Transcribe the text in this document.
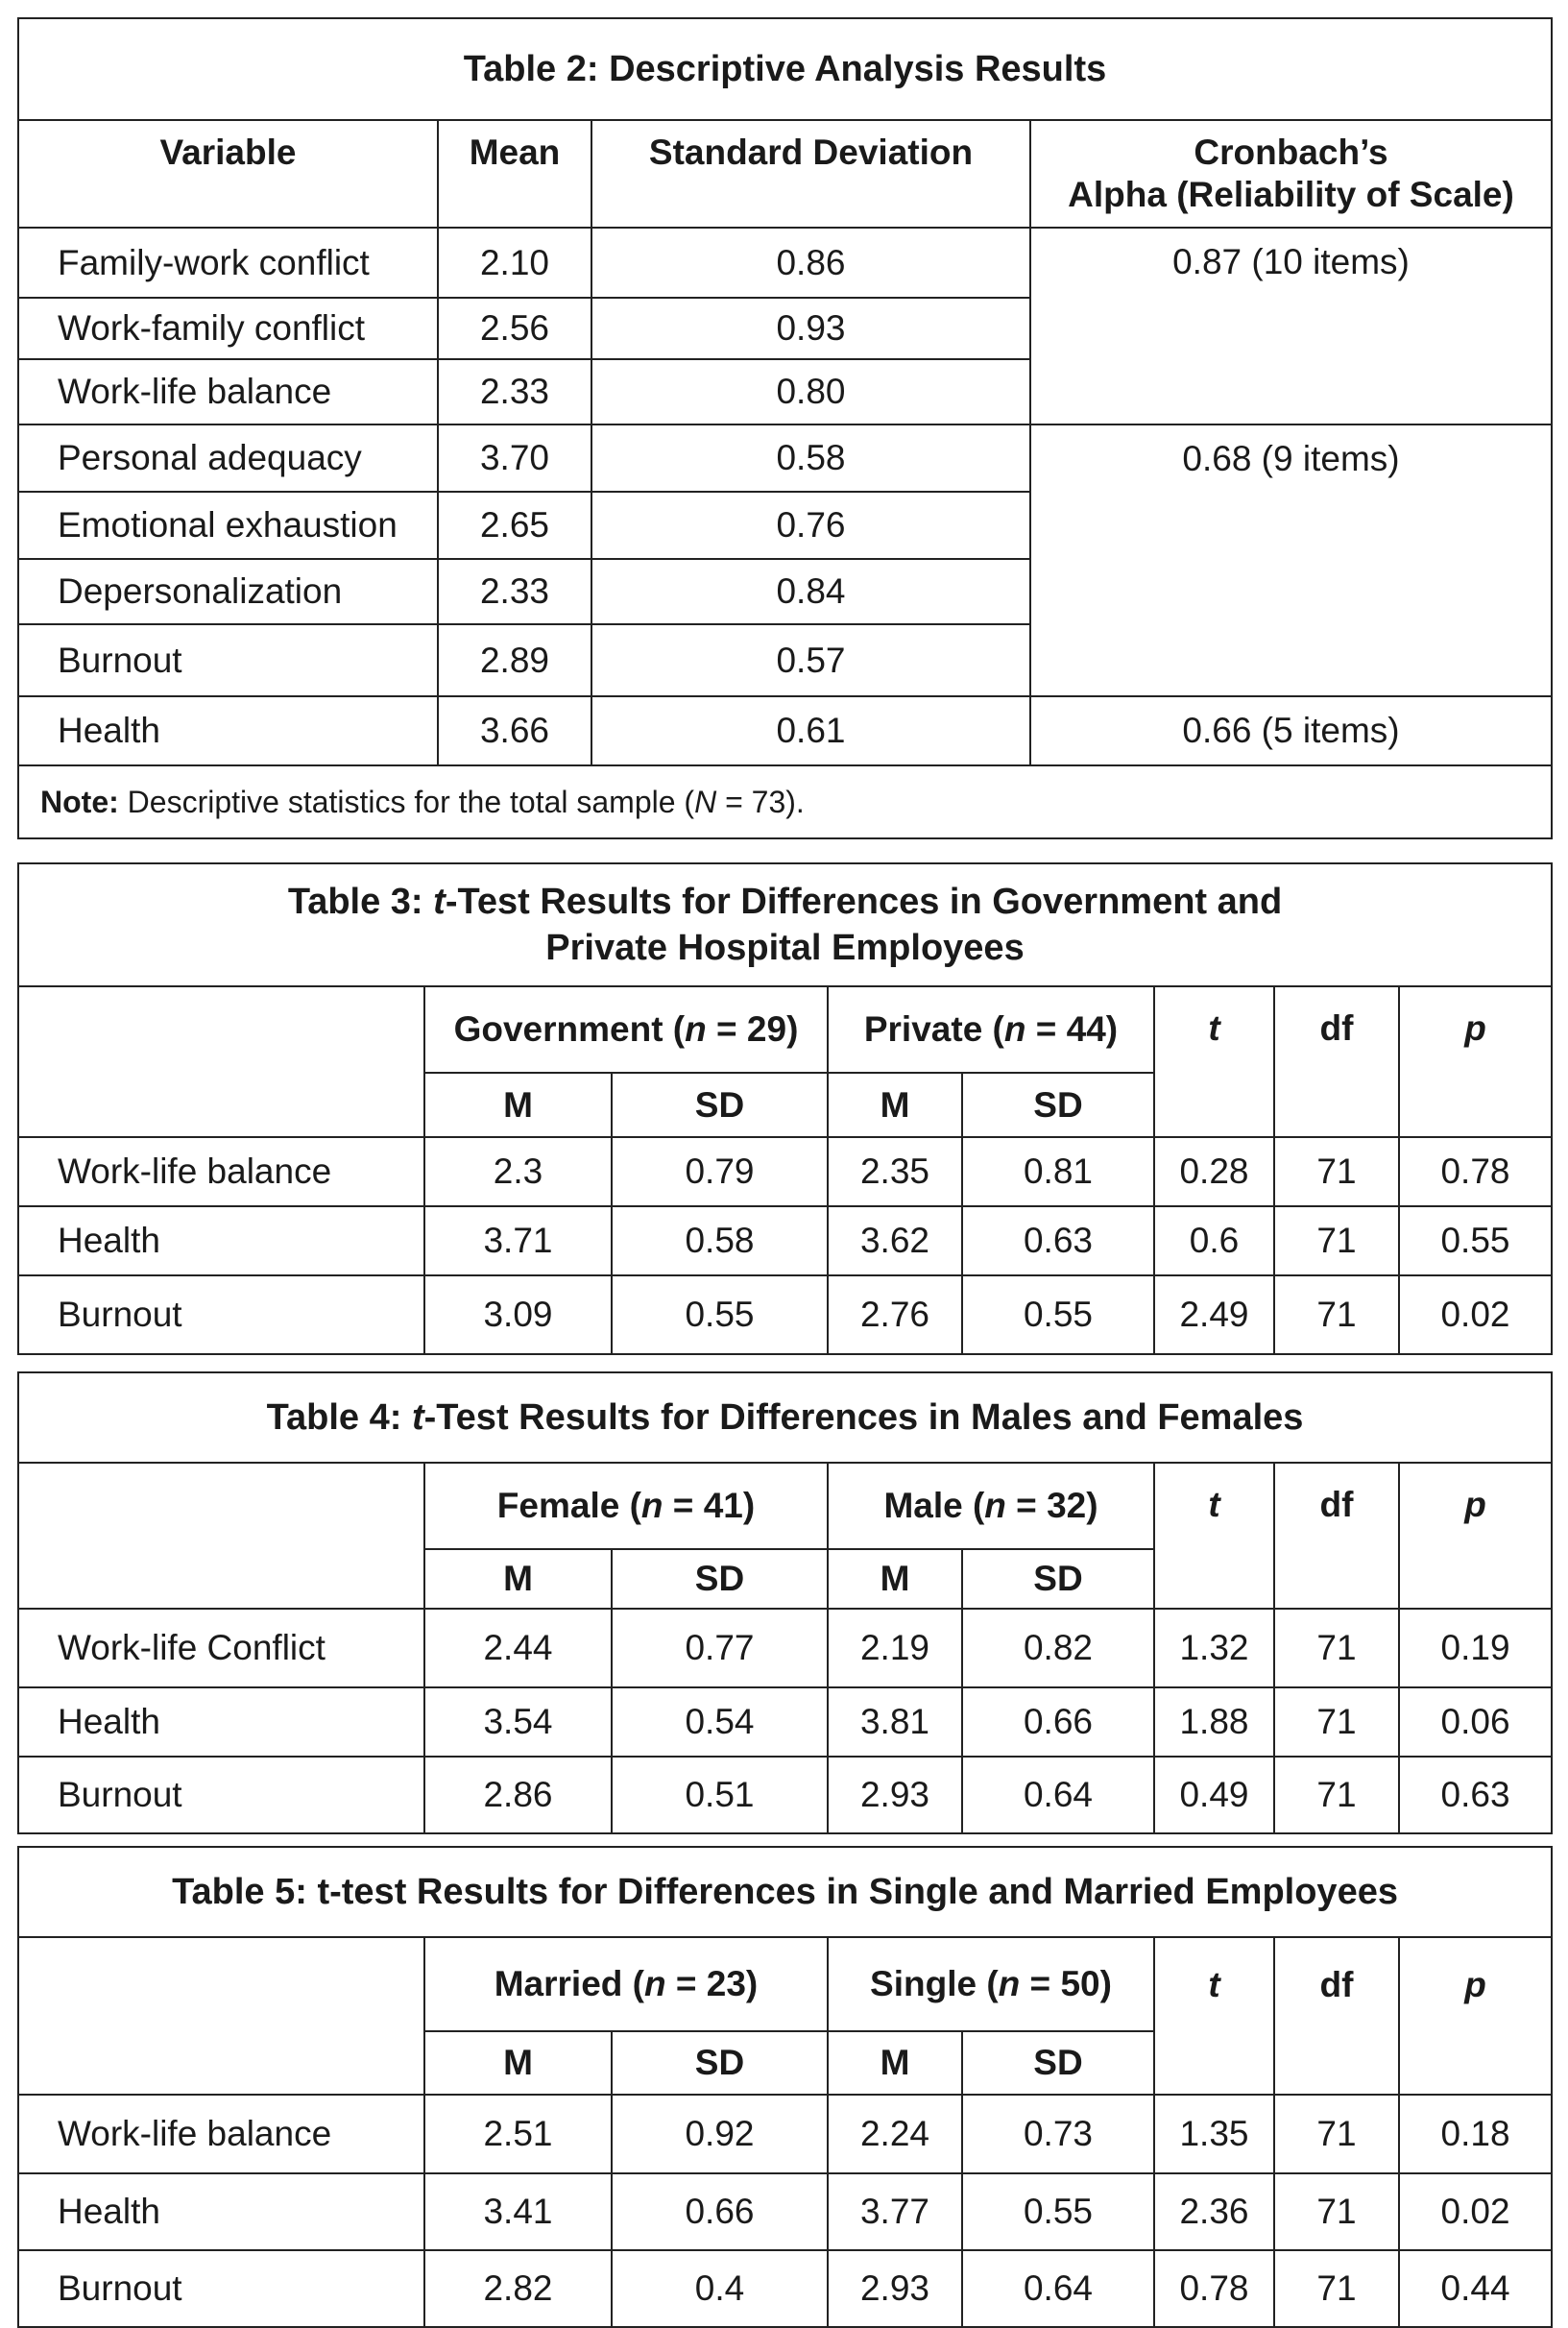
Table 2: Descriptive Analysis Results			
Variable	Mean	Standard Deviation	Cronbach’s
Alpha (Reliability of Scale)

Family-work conflict	2.10	0.86	0.87 (10 items)
Work-family conflict	2.56	0.93	
Work-life balance	2.33	0.80	
Personal adequacy	3.70	0.58	0.68 (9 items)
Emotional exhaustion	2.65	0.76	
Depersonalization	2.33	0.84	
Burnout	2.89	0.57	
Health	3.66	0.61	0.66 (5 items)
Note: Descriptive statistics for the total sample (N = 73).			
Table 3: t-Test Results for Differences in Government and
Private Hospital Employees							

	Government (n = 29)		Private (n = 44)		t	df	p
	M	SD	M	SD			
Work-life balance	2.3	0.79	2.35	0.81	0.28	71	0.78
Health	3.71	0.58	3.62	0.63	0.6	71	0.55
Burnout	3.09	0.55	2.76	0.55	2.49	71	0.02
Table 4: t-Test Results for Differences in Males and Females							
	Female (n = 41)		Male (n = 32)		t	df	p
	M	SD	M	SD			
Work-life Conflict	2.44	0.77	2.19	0.82	1.32	71	0.19
Health	3.54	0.54	3.81	0.66	1.88	71	0.06
Burnout	2.86	0.51	2.93	0.64	0.49	71	0.63
Table 5: t-test Results for Differences in Single and Married Employees							
	Married (n = 23)		Single (n = 50)		t	df	p
	M	SD	M	SD			
Work-life balance	2.51	0.92	2.24	0.73	1.35	71	0.18
Health	3.41	0.66	3.77	0.55	2.36	71	0.02
Burnout	2.82	0.4	2.93	0.64	0.78	71	0.44
